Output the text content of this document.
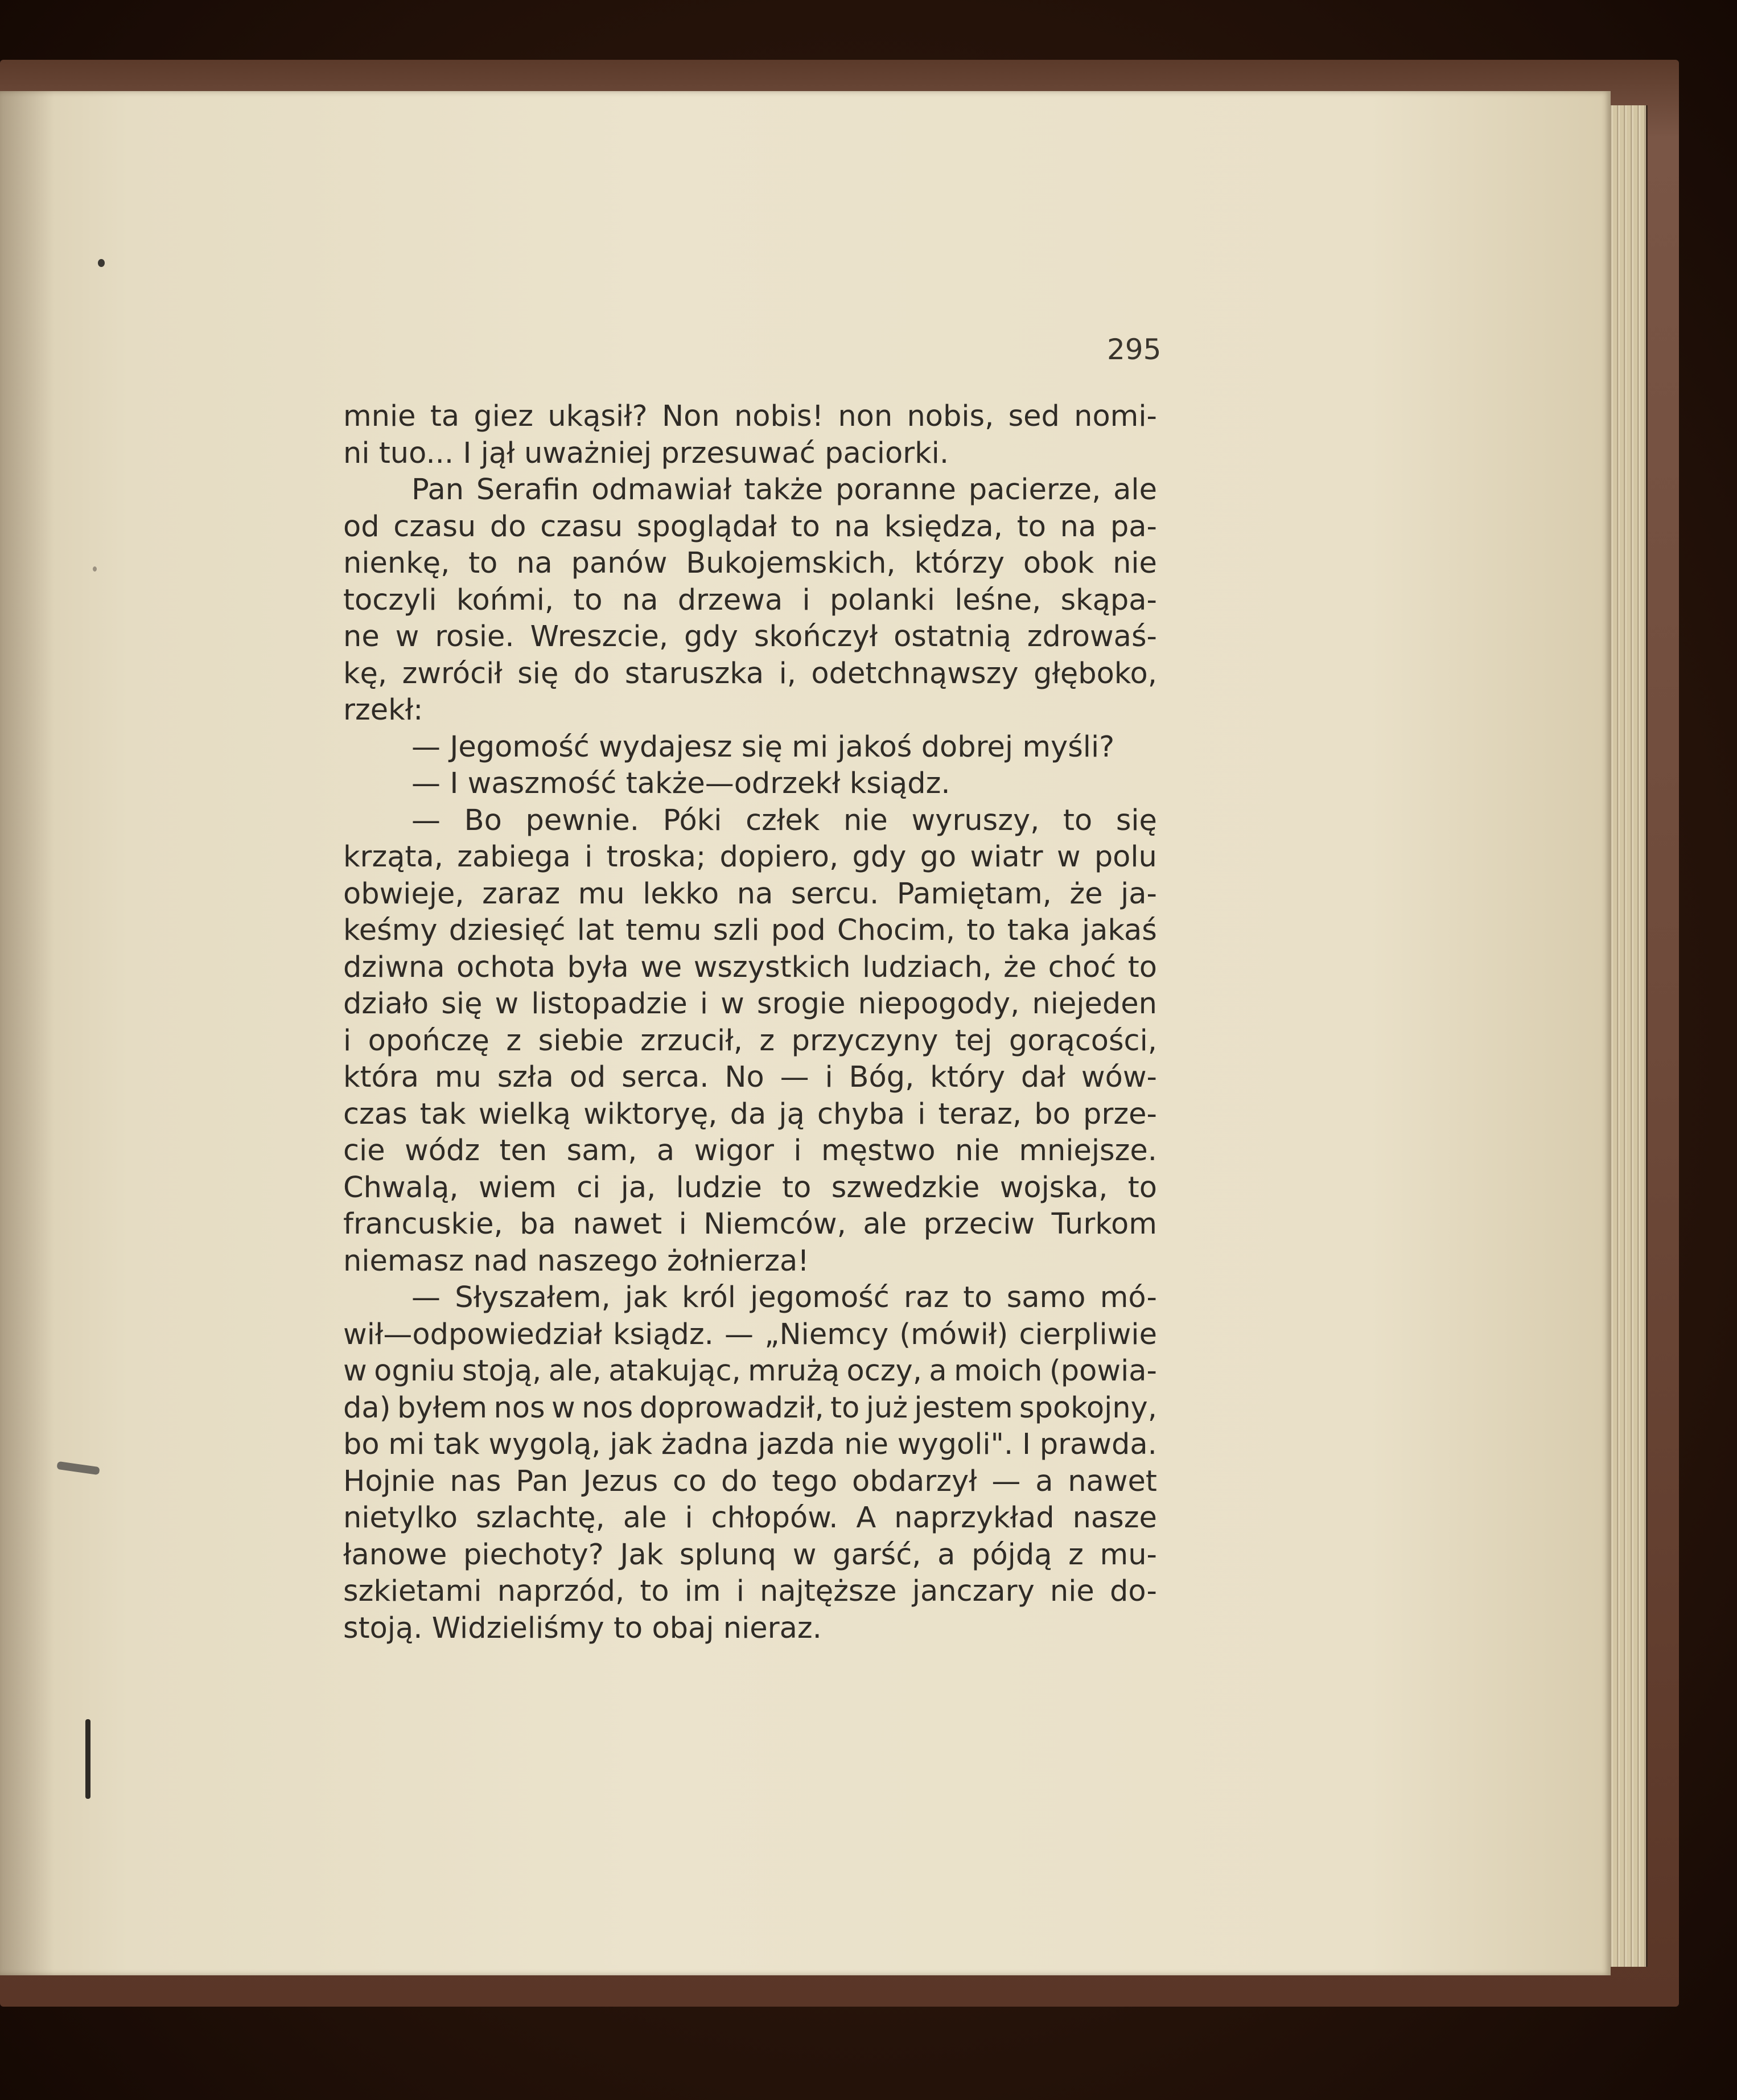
295
mnie ta giez ukąsił? Non nobis! non nobis, sed nomi-
ni tuo... I jął uważniej przesuwać paciorki.
Pan Serafin odmawiał także poranne pacierze, ale
od czasu do czasu spoglądał to na księdza, to na pa-
nienkę, to na panów Bukojemskich, którzy obok nie
toczyli końmi, to na drzewa i polanki leśne, skąpa-
ne w rosie. Wreszcie, gdy skończył ostatnią zdrowaś-
kę, zwrócił się do staruszka i, odetchnąwszy głęboko,
rzekł:
— Jegomość wydajesz się mi jakoś dobrej myśli?
— I waszmość także—odrzekł ksiądz.
— Bo pewnie. Póki człek nie wyruszy, to się
krząta, zabiega i troska; dopiero, gdy go wiatr w polu
obwieje, zaraz mu lekko na sercu. Pamiętam, że ja-
keśmy dziesięć lat temu szli pod Chocim, to taka jakaś
dziwna ochota była we wszystkich ludziach, że choć to
działo się w listopadzie i w srogie niepogody, niejeden
i opończę z siebie zrzucił, z przyczyny tej gorącości,
która mu szła od serca. No — i Bóg, który dał wów-
czas tak wielką wiktoryę, da ją chyba i teraz, bo prze-
cie wódz ten sam, a wigor i męstwo nie mniejsze.
Chwalą, wiem ci ja, ludzie to szwedzkie wojska, to
francuskie, ba nawet i Niemców, ale przeciw Turkom
niemasz nad naszego żołnierza!
— Słyszałem, jak król jegomość raz to samo mó-
wił—odpowiedział ksiądz. — „Niemcy (mówił) cierpliwie
w ogniu stoją, ale, atakując, mrużą oczy, a moich (powia-
da) byłem nos w nos doprowadził, to już jestem spokojny,
bo mi tak wygolą, jak żadna jazda nie wygoli". I prawda.
Hojnie nas Pan Jezus co do tego obdarzył — a nawet
nietylko szlachtę, ale i chłopów. A naprzykład nasze
łanowe piechoty? Jak splunq w garść, a pójdą z mu-
szkietami naprzód, to im i najtęższe janczary nie do-
stoją. Widzieliśmy to obaj nieraz.
